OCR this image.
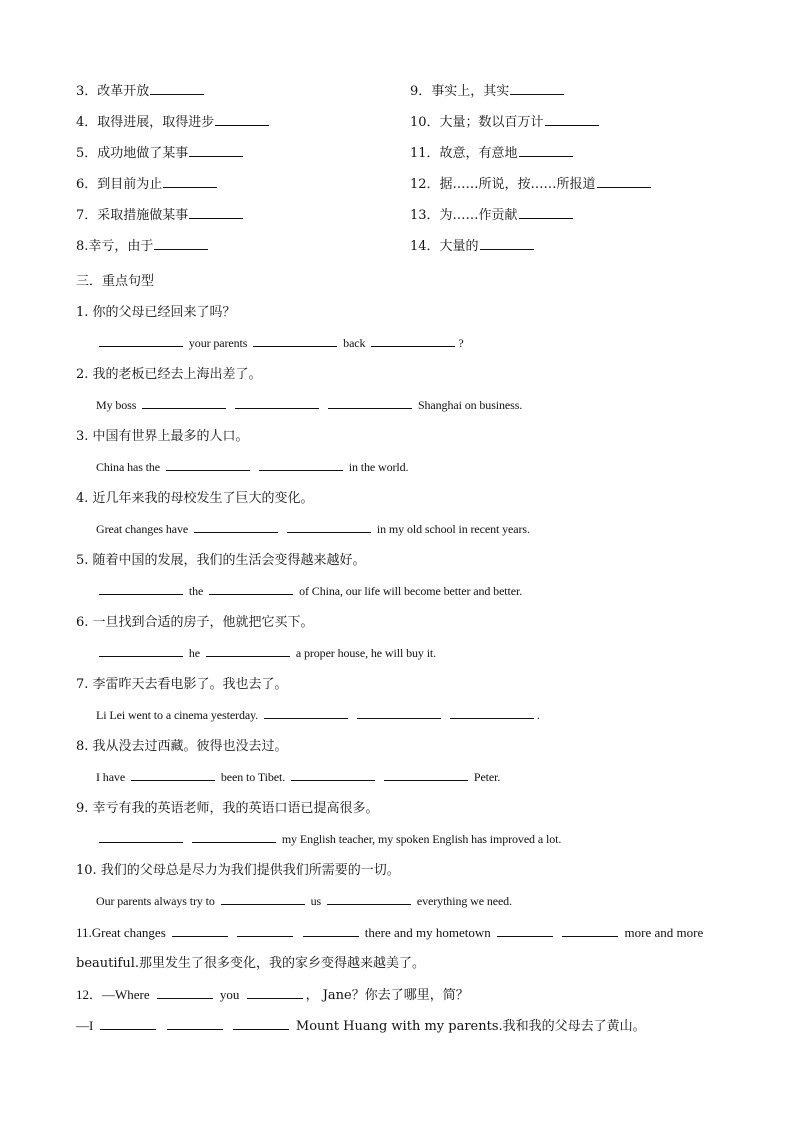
3．改革开放	9．事实上，其实
4．取得进展，取得进步	10．大量；数以百万计
5．成功地做了某事	11．故意，有意地
6．到目前为止	12．据……所说，按……所报道
7．采取措施做某事	13．为……作贡献
8.幸亏，由于	14．大量的
三．重点句型
1. 你的父母已经回来了吗？
your parents	back	?
2. 我的老板已经去上海出差了。
My boss	Shanghai on business.
3. 中国有世界上最多的人口。
China has the	in the world.
4. 近几年来我的母校发生了巨大的变化。
Great changes have	in my old school in recent years.
5. 随着中国的发展，我们的生活会变得越来越好。
the	of China, our life will become better and better.
6. 一旦找到合适的房子，他就把它买下。
he	a proper house, he will buy it.
7. 李雷昨天去看电影了。我也去了。
Li Lei went to a cinema yesterday.	.
8. 我从没去过西藏。彼得也没去过。
I have	been to Tibet.	Peter.
9. 幸亏有我的英语老师，我的英语口语已提高很多。
my English teacher, my spoken English has improved a lot.
10. 我们的父母总是尽力为我们提供我们所需要的一切。
Our parents always try to	us	everything we need.
11.Great changes	there and my hometown	more and more
beautiful.那里发生了很多变化，我的家乡变得越来越美了。
12．—Where	you	， Jane？你去了哪里，简？
—I	Mount Huang with my parents.我和我的父母去了黄山。
